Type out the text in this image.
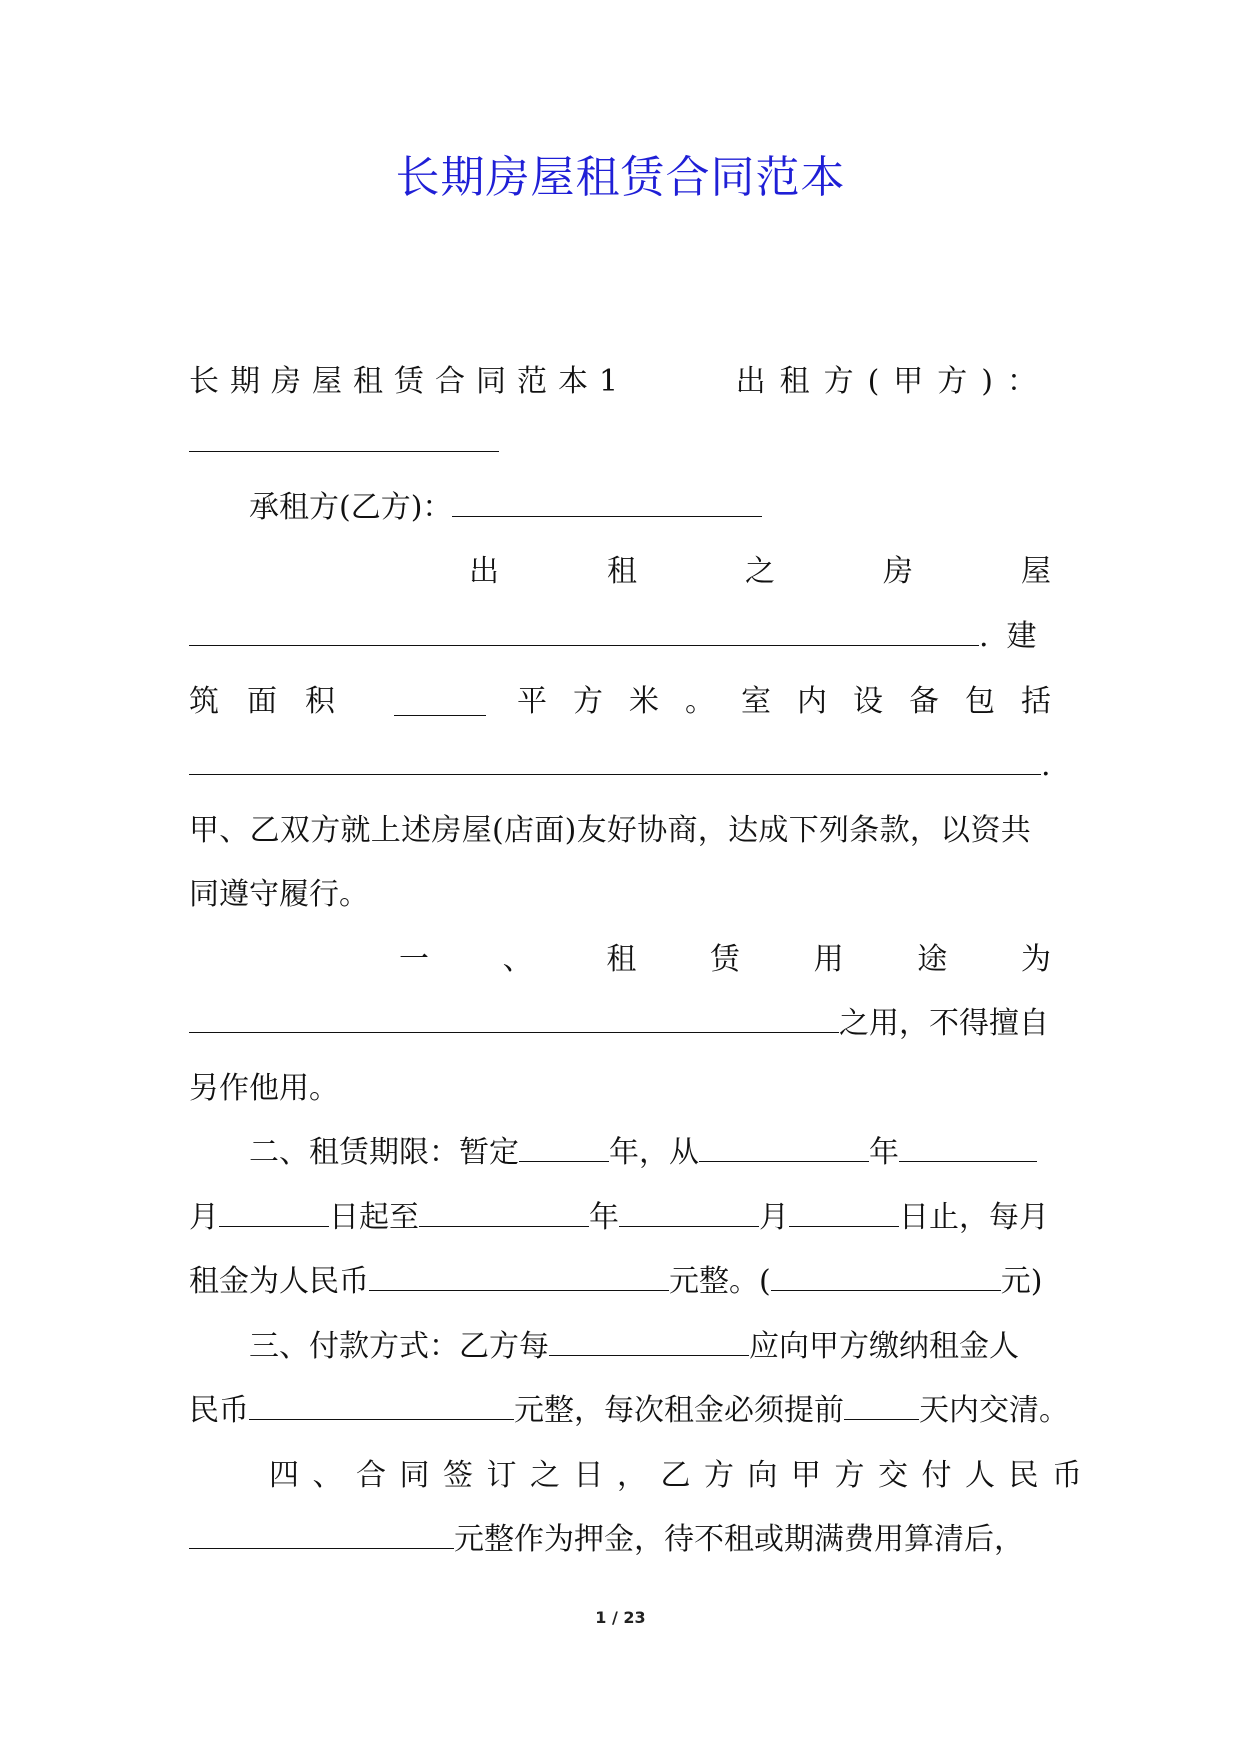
长期房屋租赁合同范本
长期房屋租赁合同范本1	出租方(甲方)：
承租方(乙方)：
出	租	之	房	屋
.建
筑面积	平方米。室内设备包括
.
甲、乙双方就上述房屋(店面)友好协商，达成下列条款，以资共
同遵守履行。
一 、 租 赁 用 途 为
之用，不得擅自
另作他用。
二、租赁期限：暂定	年，从	年
月	日起至	年	月	日止，每月
租金为人民币	元整。(	元)
三、付款方式：乙方每	应向甲方缴纳租金人
民币	元整，每次租金必须提前	天内交清。
四、合同签订之日，乙方向甲方交付人民币
元整作为押金，待不租或期满费用算清后，
1 / 23
